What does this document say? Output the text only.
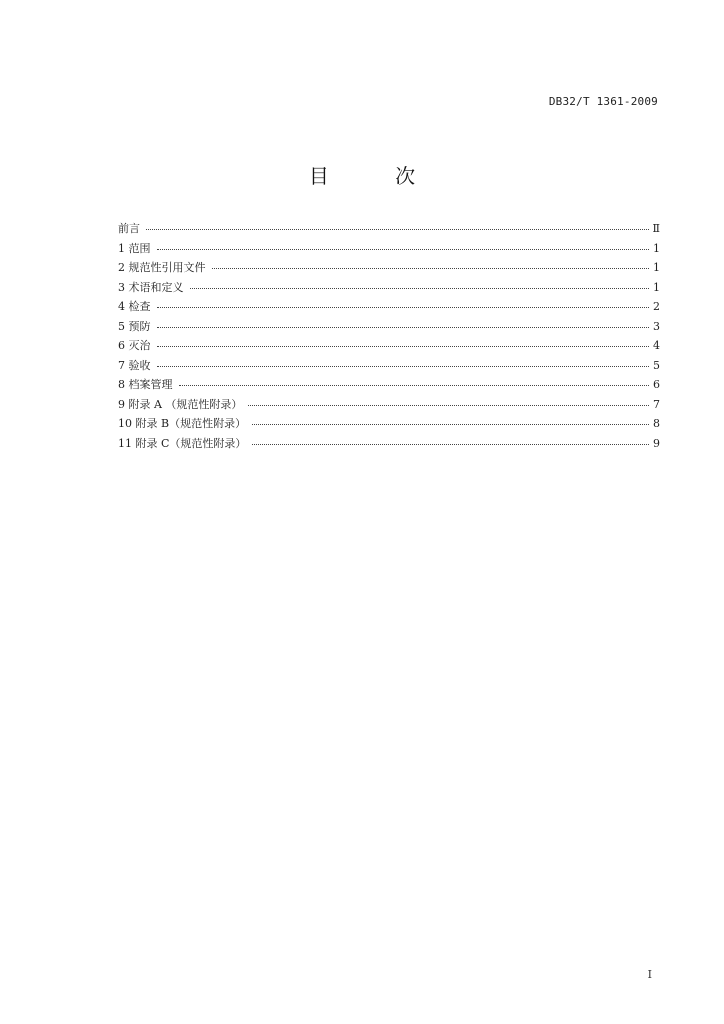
DB32/T 1361-2009
目 次
前言	Ⅱ
1 范围	1
2 规范性引用文件	1
3 术语和定义	1
4 检查	2
5 预防	3
6 灭治	4
7 验收	5
8 档案管理	6
9 附录 A （规范性附录）	7
10 附录 B（规范性附录）	8
11 附录 C（规范性附录）	9
I
